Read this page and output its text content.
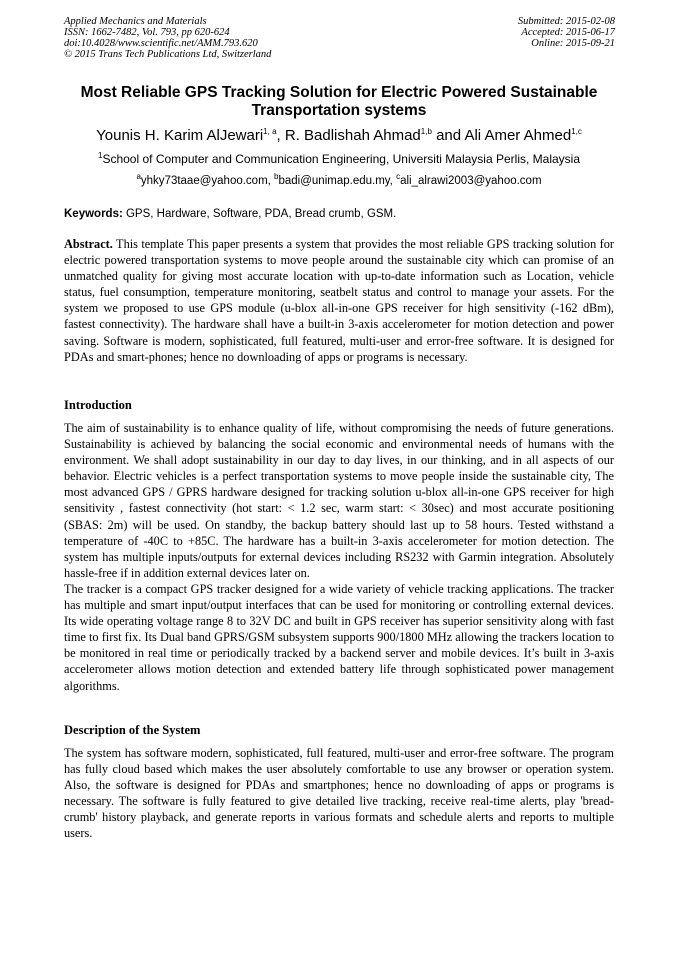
Applied Mechanics and Materials
ISSN: 1662-7482, Vol. 793, pp 620-624
doi:10.4028/www.scientific.net/AMM.793.620
© 2015 Trans Tech Publications Ltd, Switzerland
Submitted: 2015-02-08
Accepted: 2015-06-17
Online: 2015-09-21
Most Reliable GPS Tracking Solution for Electric Powered Sustainable
Transportation systems
Younis H. Karim AlJewari$^{1, a}$, R. Badlishah Ahmad$^{1,b}$ and Ali Amer Ahmed$^{1,c}$
$^1$School of Computer and Communication Engineering, Universiti Malaysia Perlis, Malaysia
$^a$yhky73taae@yahoo.com, $^b$badi@unimap.edu.my, $^c$ali_alrawi2003@yahoo.com
Keywords: GPS, Hardware, Software, PDA, Bread crumb, GSM.

Abstract. This template This paper presents a system that provides the most reliable GPS tracking solution for electric powered transportation systems to move people around the sustainable city which can promise of an unmatched quality for giving most accurate location with up-to-date information such as Location, vehicle status, fuel consumption, temperature monitoring, seatbelt status and control to manage your assets. For the system we proposed to use GPS module (u-blox all-in-one GPS receiver for high sensitivity (-162 dBm), fastest connectivity). The hardware shall have a built-in 3-axis accelerometer for motion detection and power saving. Software is modern, sophisticated, full featured, multi-user and error-free software. It is designed for PDAs and smart-phones; hence no downloading of apps or programs is necessary.

Introduction

The aim of sustainability is to enhance quality of life, without compromising the needs of future generations. Sustainability is achieved by balancing the social economic and environmental needs of humans with the environment. We shall adopt sustainability in our day to day lives, in our thinking, and in all aspects of our behavior. Electric vehicles is a perfect transportation systems to move people inside the sustainable city, The most advanced GPS / GPRS hardware designed for tracking solution u-blox all-in-one GPS receiver for high sensitivity , fastest connectivity (hot start: < 1.2 sec, warm start: < 30sec) and most accurate positioning (SBAS: 2m) will be used. On standby, the backup battery should last up to 58 hours. Tested withstand a temperature of -40C to +85C. The hardware has a built-in 3-axis accelerometer for motion detection. The system has multiple inputs/outputs for external devices including RS232 with Garmin integration. Absolutely hassle-free if in addition external devices later on.

The tracker is a compact GPS tracker designed for a wide variety of vehicle tracking applications. The tracker has multiple and smart input/output interfaces that can be used for monitoring or controlling external devices. Its wide operating voltage range 8 to 32V DC and built in GPS receiver has superior sensitivity along with fast time to first fix. Its Dual band GPRS/GSM subsystem supports 900/1800 MHz allowing the trackers location to be monitored in real time or periodically tracked by a backend server and mobile devices. It’s built in 3-axis accelerometer allows motion detection and extended battery life through sophisticated power management algorithms.

Description of the System

The system has software modern, sophisticated, full featured, multi-user and error-free software. The program has fully cloud based which makes the user absolutely comfortable to use any browser or operation system. Also, the software is designed for PDAs and smartphones; hence no downloading of apps or programs is necessary. The software is fully featured to give detailed live tracking, receive real-time alerts, play 'bread-crumb' history playback, and generate reports in various formats and schedule alerts and reports to multiple users.
